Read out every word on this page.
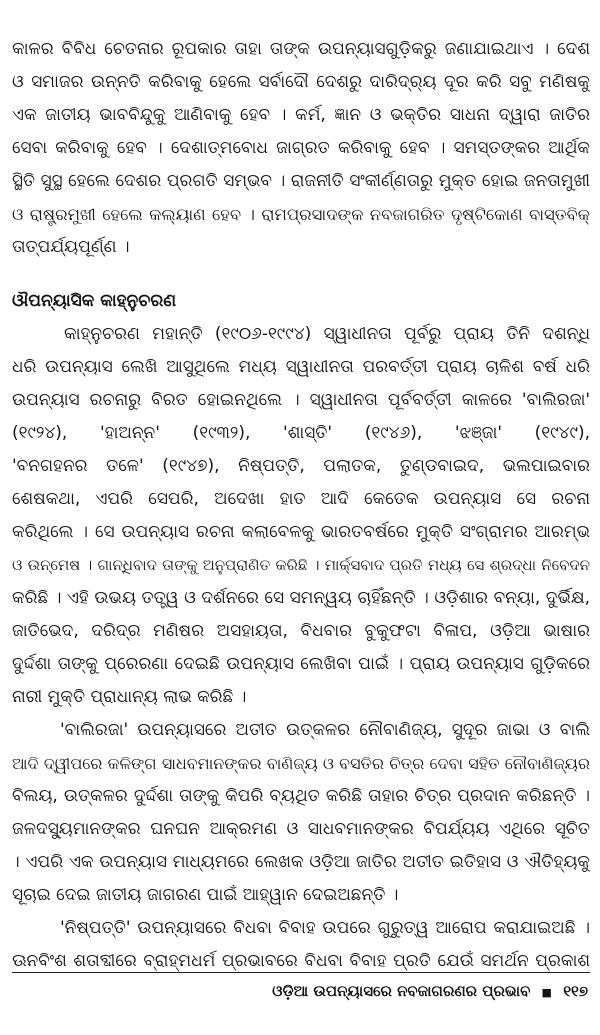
କାଳର ବିବିଧ ଚେତନାର ରୂପକାର ତାହା ତାଙ୍କ ଉପନ୍ୟାସଗୁଡ଼ିକରୁ ଜଣାଯାଇଥାଏ । ଦେଶ
ଓ ସମାଜର ଉନ୍ନତି କରିବାକୁ ହେଲେ ସର୍ବାଦୌ ଦେଶରୁ ଦାରିଦ୍ର୍ୟ ଦୂର କରି ସବୁ ମଣିଷକୁ
ଏକ ଜାତୀୟ ଭାବବିନ୍ଦୁକୁ ଆଣିବାକୁ ହେବ । କର୍ମ, ଜ୍ଞାନ ଓ ଭକ୍ତିର ସାଧନା ଦ୍ୱାରା ଜାତିର
ସେବା କରିବାକୁ ହେବ । ଦେଶାତ୍ମବୋଧ ଜାଗ୍ରତ କରିବାକୁ ହେବ । ସମସ୍ତଙ୍କର ଆର୍ଥିକ
ସ୍ଥିତି ସୁସ୍ଥ ହେଲେ ଦେଶର ପ୍ରଗତି ସମ୍ଭବ । ରାଜନୀତି ସଂକୀର୍ଣ୍ଣତାରୁ ମୁକ୍ତ ହୋଇ ଜନତାମୁଖୀ
ଓ ରାଷ୍ଟ୍ରମୁଖୀ ହେଲେ କଲ୍ୟାଣ ହେବ । ରାମପ୍ରସାଦଙ୍କ ନବଜାଗରିତ ଦୃଷ୍ଟିକୋଣ ବାସ୍ତବିକ୍
ତାତ୍ପର୍ଯ୍ୟପୂର୍ଣ୍ଣ ।
ଔପନ୍ୟାସିକ କାହ୍ନୁଚରଣ
କାହ୍ନୁଚରଣ ମହାନ୍ତି (୧୯୦୬-୧୯୯୪) ସ୍ୱାଧୀନତା ପୂର୍ବରୁ ପ୍ରାୟ ତିନି ଦଶନ୍ଧି
ଧରି ଉପନ୍ୟାସ ଲେଖି ଆସୁଥିଲେ ମଧ୍ୟ ସ୍ୱାଧୀନତା ପରବର୍ତ୍ତୀ ପ୍ରାୟ ଚାଳିଶ ବର୍ଷ ଧରି
ଉପନ୍ୟାସ ରଚନାରୁ ବିରତ ହୋଇନଥିଲେ । ସ୍ୱାଧୀନତା ପୂର୍ବବର୍ତ୍ତୀ କାଳରେ 'ବାଲିରଜା'
(୧୯୨୪), 'ହାଅନ୍ନ' (୧୯୩୨), 'ଶାସ୍ତି' (୧୯୪୬), 'ଝଞ୍ଜା' (୧୯୪୯),
'ବନଗହନର ତଳେ' (୧୯୪୭), ନିଷ୍ପତ୍ତି, ପଲାତକ, ତୁଣ୍ଡବାଇଦ, ଭଲପାଇବାର
ଶେଷକଥା, ଏପରି ସେପରି, ଅଦେଖା ହାତ ଆଦି କେତେକ ଉପନ୍ୟାସ ସେ ରଚନା
କରିଥିଲେ । ସେ ଉପନ୍ୟାସ ରଚନା କଲାବେଳକୁ ଭାରତବର୍ଷରେ ମୁକ୍ତି ସଂଗ୍ରାମର ଆରମ୍ଭ
ଓ ଉନ୍ମେଷ । ଗାନ୍ଧିବାଦ ତାଙ୍କୁ ଅନୁପ୍ରାଣିତ କରିଛି । ମାର୍କ୍ସବାଦ ପ୍ରତି ମଧ୍ୟ ସେ ଶ୍ରଦ୍ଧା ନିବେଦନ
କରିଛି । ଏହି ଉଭୟ ତତ୍ତ୍ୱ ଓ ଦର୍ଶନରେ ସେ ସମନ୍ୱୟ ଚାହିଁଛନ୍ତି । ଓଡ଼ିଶାର ବନ୍ୟା, ଦୁର୍ଭିକ୍ଷ,
ଜାତିଭେଦ, ଦରିଦ୍ର ମଣିଷର ଅସହାୟତା, ବିଧବାର ବୁକୁଫଟା ବିଳାପ, ଓଡ଼ିଆ ଭାଷାର
ଦୁର୍ଦ୍ଦଶା ତାଙ୍କୁ ପ୍ରେରଣା ଦେଇଛି ଉପନ୍ୟାସ ଲେଖିବା ପାଇଁ । ପ୍ରାୟ ଉପନ୍ୟାସ ଗୁଡ଼ିକରେ
ନାରୀ ମୁକ୍ତି ପ୍ରାଧାନ୍ୟ ଲାଭ କରିଛି ।
'ବାଲିରଜା' ଉପନ୍ୟାସରେ ଅତୀତ ଉତ୍କଳର ନୌବାଣିଜ୍ୟ, ସୁଦୂର ଜାଭା ଓ ବାଲି
ଆଦି ଦ୍ୱୀପରେ କଳିଙ୍ଗ ସାଧବମାନଙ୍କର ବାଣିଜ୍ୟ ଓ ବସତିର ଚିତ୍ର ଦେବା ସହିତ ନୌବାଣିଜ୍ୟର
ବିଲୟ, ଉତ୍କଳର ଦୁର୍ଦ୍ଦଶା ତାଙ୍କୁ କିପରି ବ୍ୟଥିତ କରିଛି ତାହାର ଚିତ୍ର ପ୍ରଦାନ କରିଛନ୍ତି ।
ଜଳଦସ୍ୟୁମାନଙ୍କର ଘନଘନ ଆକ୍ରମଣ ଓ ସାଧବମାନଙ୍କର ବିପର୍ଯ୍ୟୟ ଏଥିରେ ସୂଚିତ
। ଏପରି ଏକ ଉପନ୍ୟାସ ମାଧ୍ୟମରେ ଲେଖକ ଓଡ଼ିଆ ଜାତିର ଅତୀତ ଇତିହାସ ଓ ଐତିହ୍ୟକୁ
ସୂଚାଇ ଦେଇ ଜାତୀୟ ଜାଗରଣ ପାଇଁ ଆହ୍ୱାନ ଦେଇଅଛନ୍ତି ।
'ନିଷ୍ପତ୍ତି' ଉପନ୍ୟାସରେ ବିଧବା ବିବାହ ଉପରେ ଗୁରୁତ୍ୱ ଆରୋପ କରାଯାଇଅଛି ।
ଊନବିଂଶ ଶତାବ୍ଦୀରେ ବ୍ରାହ୍ମଧର୍ମ ପ୍ରଭାବରେ ବିଧବା ବିବାହ ପ୍ରତି ଯେଉଁ ସମର୍ଥନ ପ୍ରକାଶ
ଓଡ଼ିଆ ଉପନ୍ୟାସରେ ନବଜାଗରଣର ପ୍ରଭାବ ■ ୧୧୭
